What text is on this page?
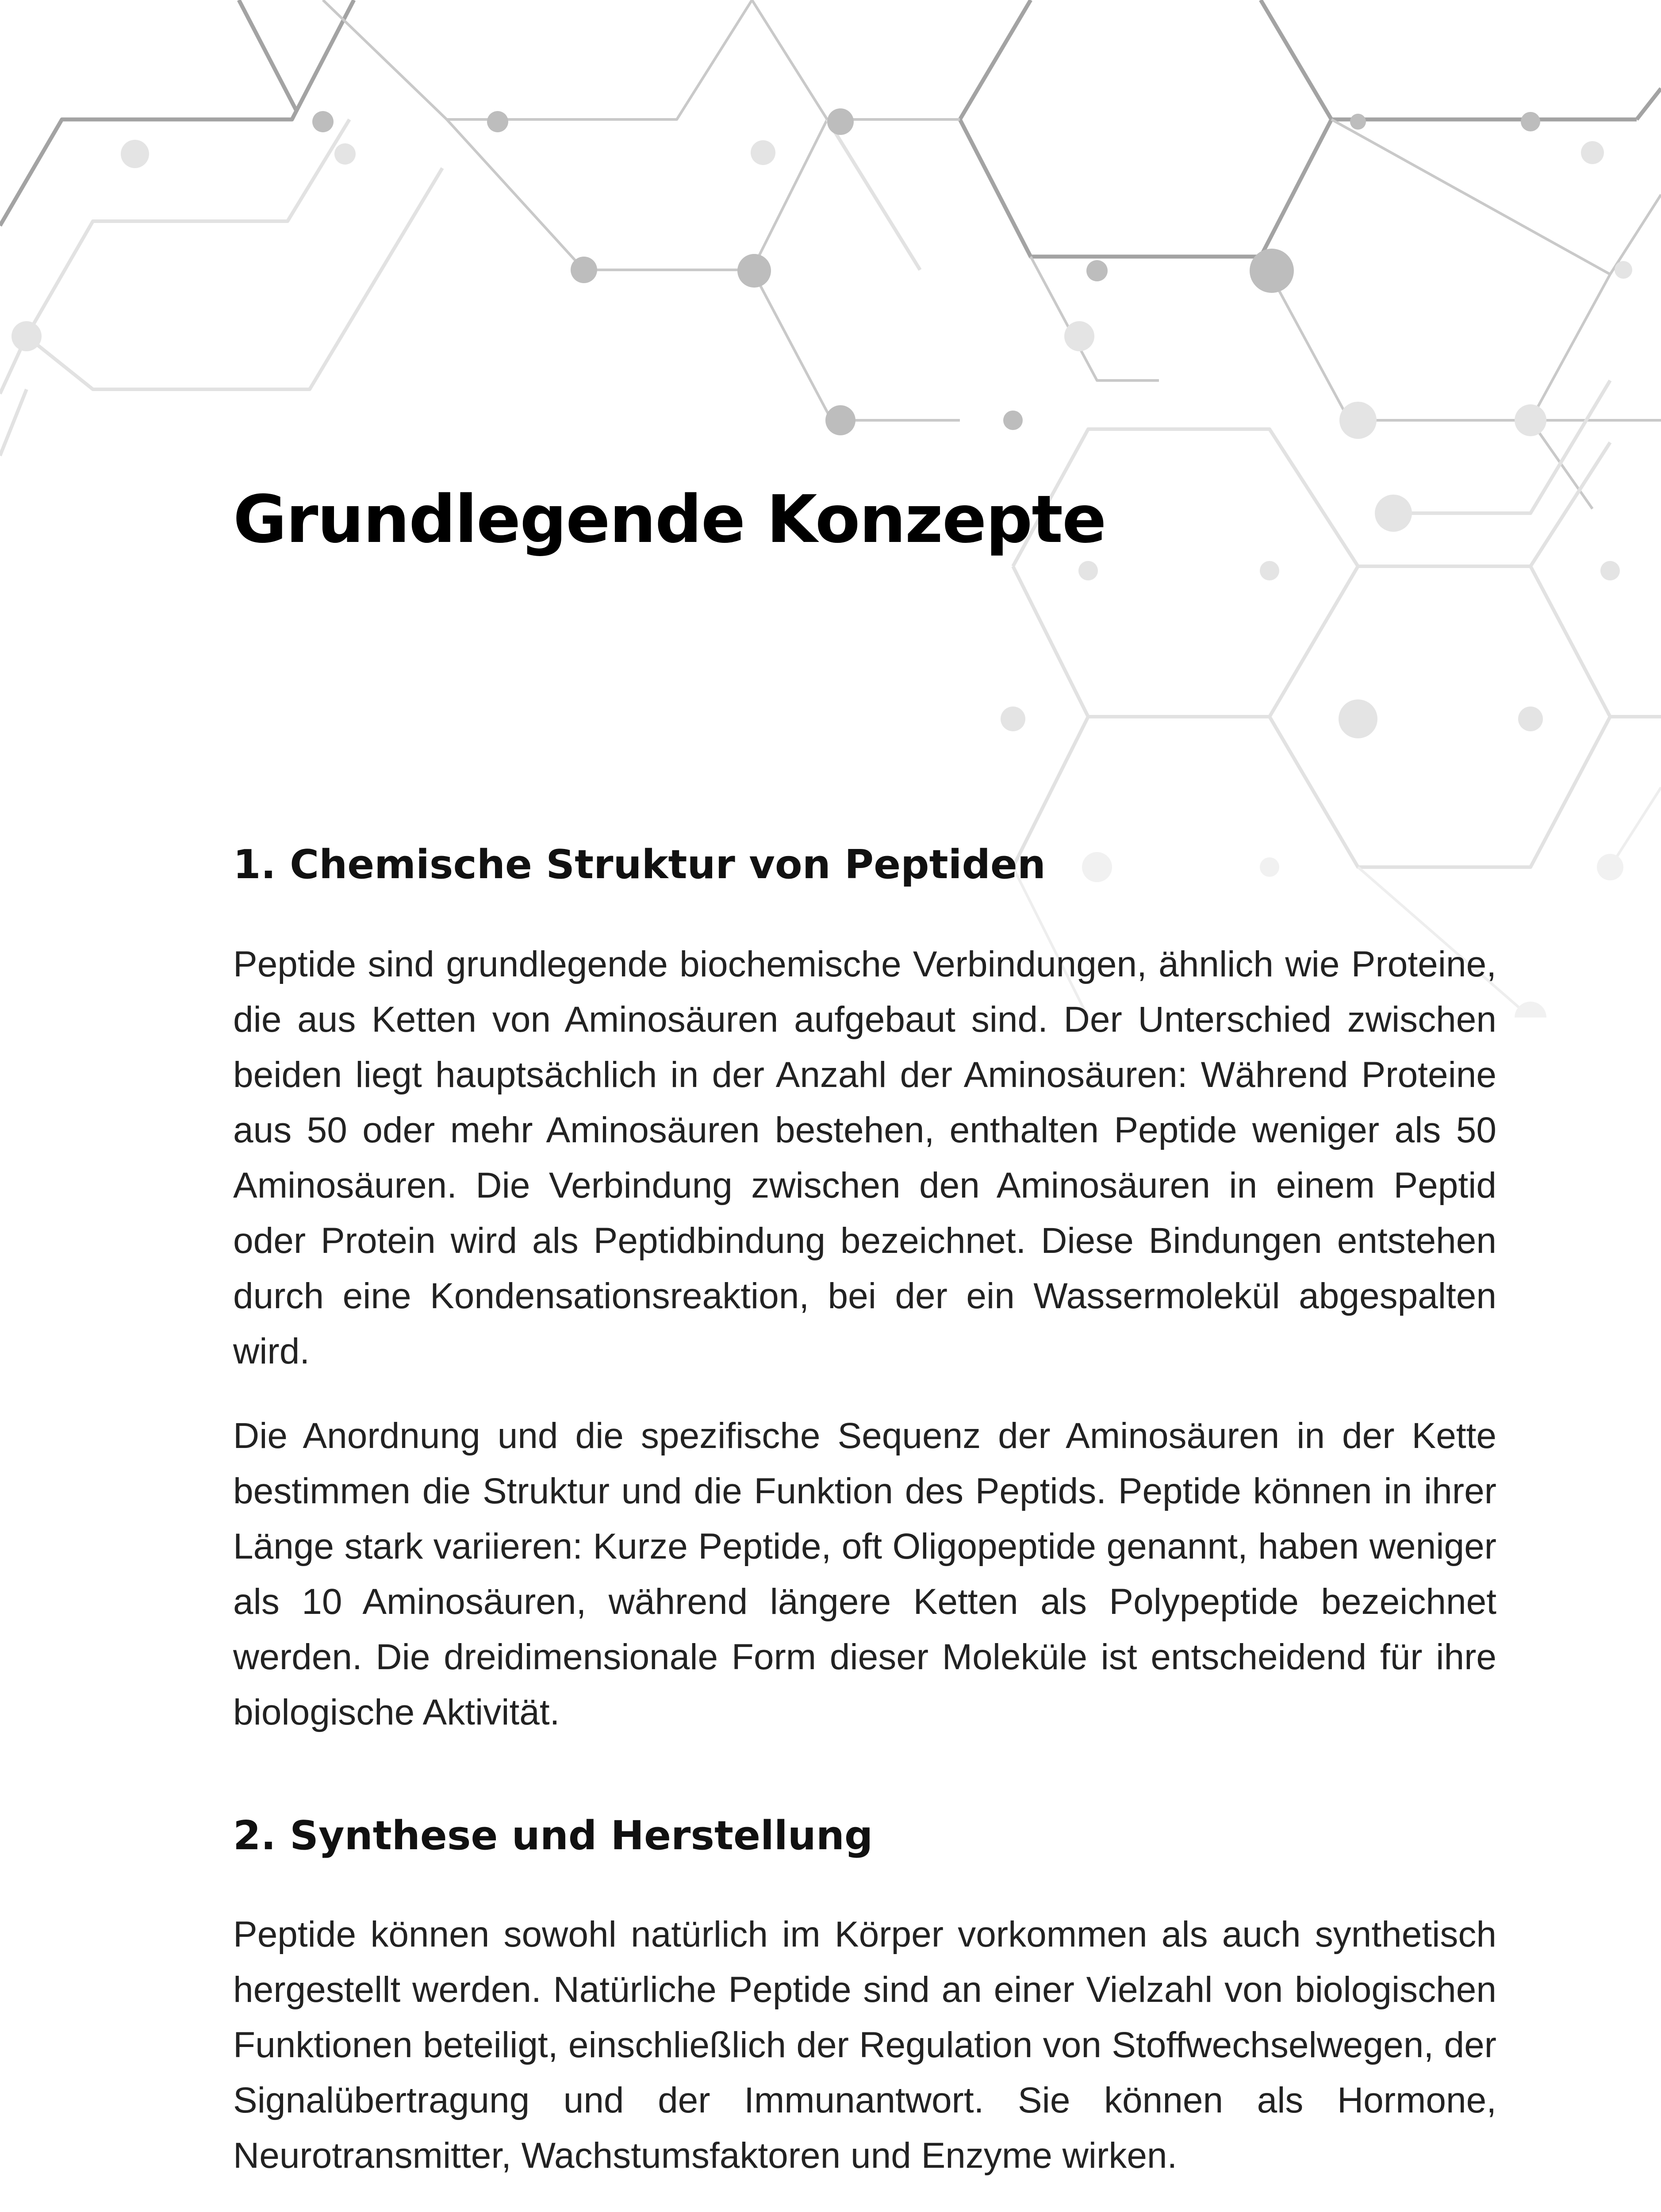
Grundlegende Konzepte
1. Chemische Struktur von Peptiden

Peptide sind grundlegende biochemische Verbindungen, ähnlich wie Proteine, die aus Ketten von Aminosäuren aufgebaut sind. Der Unterschied zwischen beiden liegt hauptsächlich in der Anzahl der Aminosäuren: Während Proteine aus 50 oder mehr Aminosäuren bestehen, enthalten Peptide weniger als 50 Aminosäuren. Die Verbindung zwischen den Aminosäuren in einem Peptid oder Protein wird als Peptidbindung bezeichnet. Diese Bindungen entstehen durch eine Kondensationsreaktion, bei der ein Wassermolekül abgespalten wird.

Die Anordnung und die spezifische Sequenz der Aminosäuren in der Kette bestimmen die Struktur und die Funktion des Peptids. Peptide können in ihrer Länge stark variieren: Kurze Peptide, oft Oligopeptide genannt, haben weniger als 10 Aminosäuren, während längere Ketten als Polypeptide bezeichnet werden. Die dreidimensionale Form dieser Moleküle ist entscheidend für ihre biologische Aktivität.

2. Synthese und Herstellung

Peptide können sowohl natürlich im Körper vorkommen als auch synthetisch hergestellt werden. Natürliche Peptide sind an einer Vielzahl von biologischen Funktionen beteiligt, einschließlich der Regulation von Stoffwechselwegen, der Signalübertragung und der Immunantwort. Sie können als Hormone, Neurotransmitter, Wachstumsfaktoren und Enzyme wirken.
